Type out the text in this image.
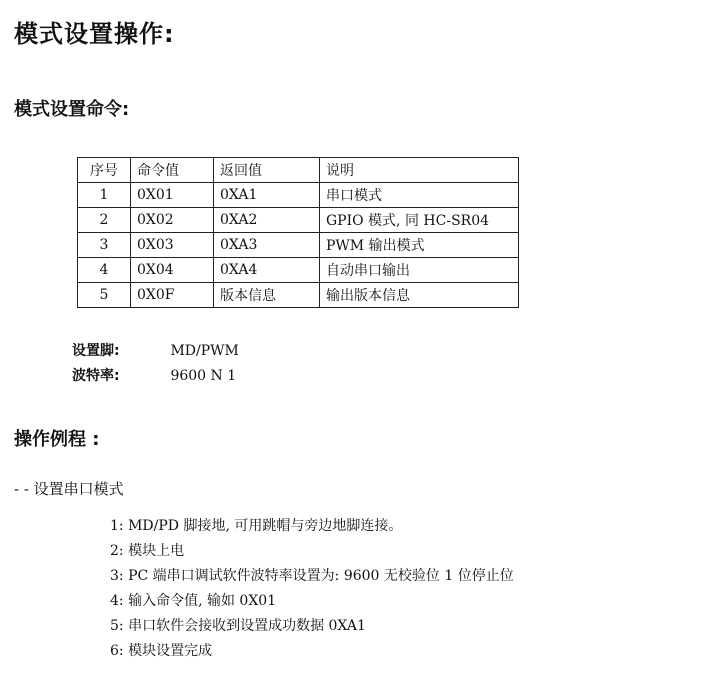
模式设置操作:
模式设置命令:
序号	命令值	返回值	说明
1	0X01	0XA1	串口模式
2	0X02	0XA2	GPIO 模式, 同 HC-SR04
3	0X03	0XA3	PWM 输出模式
4	0X04	0XA4	自动串口输出
5	0X0F	版本信息	输出版本信息
设置脚:	MD/PWM
波特率:	9600 N 1
操作例程 :
- - 设置串口模式
1: MD/PD 脚接地, 可用跳帽与旁边地脚连接。
2: 模块上电
3: PC 端串口调试软件波特率设置为: 9600 无校验位 1 位停止位
4: 输入命令值, 输如 0X01
5: 串口软件会接收到设置成功数据 0XA1
6: 模块设置完成
